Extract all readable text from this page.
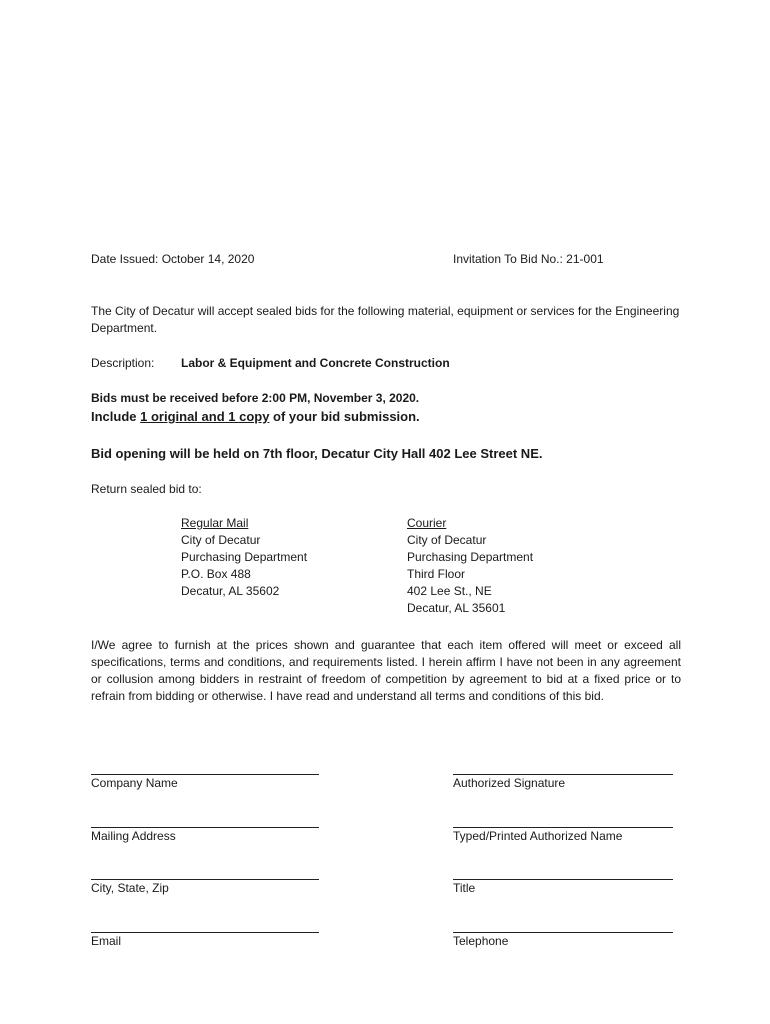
Date Issued: October 14, 2020	Invitation To Bid No.: 21-001
The City of Decatur will accept sealed bids for the following material, equipment or services for the Engineering Department.
Description: Labor & Equipment and Concrete Construction
Bids must be received before 2:00 PM, November 3, 2020.
Include 1 original and 1 copy of your bid submission.
Bid opening will be held on 7th floor, Decatur City Hall 402 Lee Street NE.
Return sealed bid to:
Regular Mail
City of Decatur
Purchasing Department
P.O. Box 488
Decatur, AL 35602
Courier
City of Decatur
Purchasing Department
Third Floor
402 Lee St., NE
Decatur, AL 35601
I/We agree to furnish at the prices shown and guarantee that each item offered will meet or exceed all specifications, terms and conditions, and requirements listed. I herein affirm I have not been in any agreement or collusion among bidders in restraint of freedom of competition by agreement to bid at a fixed price or to refrain from bidding or otherwise. I have read and understand all terms and conditions of this bid.
Company Name
Mailing Address
City, State, Zip
Email
Authorized Signature
Typed/Printed Authorized Name
Title
Telephone
